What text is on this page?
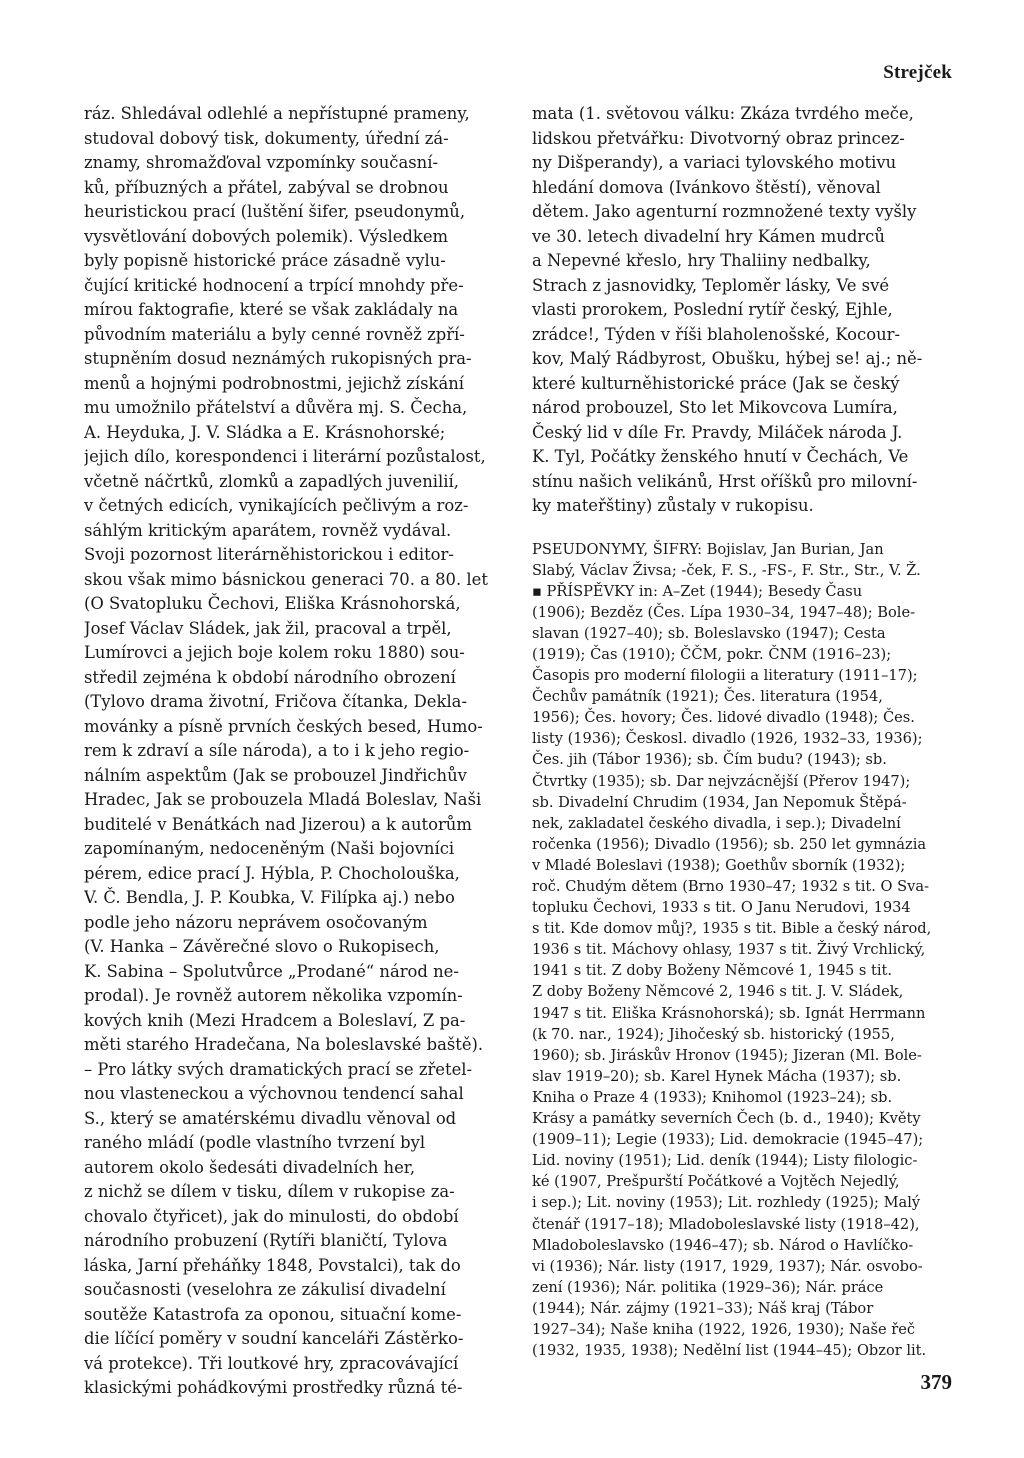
Strejček
ráz. Shledával odlehlé a nepřístupné prameny,
studoval dobový tisk, dokumenty, úřední zá-
znamy, shromažďoval vzpomínky současní-
ků, příbuzných a přátel, zabýval se drobnou
heuristickou prací (luštění šifer, pseudonymů,
vysvětlování dobových polemik). Výsledkem
byly popisně historické práce zásadně vylu-
čující kritické hodnocení a trpící mnohdy pře-
mírou faktografie, které se však zakládaly na
původním materiálu a byly cenné rovněž zpří-
stupněním dosud neznámých rukopisných pra-
menů a hojnými podrobnostmi, jejichž získání
mu umožnilo přátelství a důvěra mj. S. Čecha,
A. Heyduka, J. V. Sládka a E. Krásnohorské;
jejich dílo, korespondenci i literární pozůstalost,
včetně náčrtků, zlomků a zapadlých juvenilií,
v četných edicích, vynikajících pečlivým a roz-
sáhlým kritickým aparátem, rovněž vydával.
Svoji pozornost literárněhistorickou i editor-
skou však mimo básnickou generaci 70. a 80. let
(O Svatopluku Čechovi, Eliška Krásnohorská,
Josef Václav Sládek, jak žil, pracoval a trpěl,
Lumírovci a jejich boje kolem roku 1880) sou-
středil zejména k období národního obrození
(Tylovo drama životní, Fričova čítanka, Dekla-
movánky a písně prvních českých besed, Humo-
rem k zdraví a síle národa), a to i k jeho regio-
nálním aspektům (Jak se probouzel Jindřichův
Hradec, Jak se probouzela Mladá Boleslav, Naši
buditelé v Benátkách nad Jizerou) a k autorům
zapomínaným, nedoceněným (Naši bojovníci
pérem, edice prací J. Hýbla, P. Chocholouška,
V. Č. Bendla, J. P. Koubka, V. Filípka aj.) nebo
podle jeho názoru neprávem osočovaným
(V. Hanka – Závěrečné slovo o Rukopisech,
K. Sabina – Spolutvůrce „Prodané“ národ ne-
prodal). Je rovněž autorem několika vzpomín-
kových knih (Mezi Hradcem a Boleslaví, Z pa-
měti starého Hradečana, Na boleslavské baště).
– Pro látky svých dramatických prací se zřetel-
nou vlasteneckou a výchovnou tendencí sahal
S., který se amatérskému divadlu věnoval od
raného mládí (podle vlastního tvrzení byl
autorem okolo šedesáti divadelních her,
z nichž se dílem v tisku, dílem v rukopise za-
chovalo čtyřicet), jak do minulosti, do období
národního probuzení (Rytíři blaničtí, Tylova
láska, Jarní přeháňky 1848, Povstalci), tak do
současnosti (veselohra ze zákulisí divadelní
soutěže Katastrofa za oponou, situační kome-
die líčící poměry v soudní kanceláři Zástěrko-
vá protekce). Tři loutkové hry, zpracovávající
klasickými pohádkovými prostředky různá té-
mata (1. světovou válku: Zkáza tvrdého meče,
lidskou přetvářku: Divotvorný obraz princez-
ny Dišperandy), a variaci tylovského motivu
hledání domova (Ivánkovo štěstí), věnoval
dětem. Jako agenturní rozmnožené texty vyšly
ve 30. letech divadelní hry Kámen mudrců
a Nepevné křeslo, hry Thaliiny nedbalky,
Strach z jasnovidky, Teploměr lásky, Ve své
vlasti prorokem, Poslední rytíř český, Ejhle,
zrádce!, Týden v říši blaholenošské, Kocour-
kov, Malý Rádbyrost, Obušku, hýbej se! aj.; ně-
které kulturněhistorické práce (Jak se český
národ probouzel, Sto let Mikovcova Lumíra,
Český lid v díle Fr. Pravdy, Miláček národa J.
K. Tyl, Počátky ženského hnutí v Čechách, Ve
stínu našich velikánů, Hrst oříšků pro milovní-
ky mateřštiny) zůstaly v rukopisu.
PSEUDONYMY, ŠIFRY: Bojislav, Jan Burian, Jan
Slabý, Václav Živsa; -ček, F. S., -FS-, F. Str., Str., V. Ž.
▪ PŘÍSPĚVKY in: A–Zet (1944); Besedy Času
(1906); Bezděz (Čes. Lípa 1930–34, 1947–48); Bole-
slavan (1927–40); sb. Boleslavsko (1947); Cesta
(1919); Čas (1910); ČČM, pokr. ČNM (1916–23);
Časopis pro moderní filologii a literatury (1911–17);
Čechův památník (1921); Čes. literatura (1954,
1956); Čes. hovory; Čes. lidové divadlo (1948); Čes.
listy (1936); Českosl. divadlo (1926, 1932–33, 1936);
Čes. jih (Tábor 1936); sb. Čím budu? (1943); sb.
Čtvrtky (1935); sb. Dar nejvzácnější (Přerov 1947);
sb. Divadelní Chrudim (1934, Jan Nepomuk Štěpá-
nek, zakladatel českého divadla, i sep.); Divadelní
ročenka (1956); Divadlo (1956); sb. 250 let gymnázia
v Mladé Boleslavi (1938); Goethův sborník (1932);
roč. Chudým dětem (Brno 1930–47; 1932 s tit. O Sva-
topluku Čechovi, 1933 s tit. O Janu Nerudovi, 1934
s tit. Kde domov můj?, 1935 s tit. Bible a český národ,
1936 s tit. Máchovy ohlasy, 1937 s tit. Živý Vrchlický,
1941 s tit. Z doby Boženy Němcové 1, 1945 s tit.
Z doby Boženy Němcové 2, 1946 s tit. J. V. Sládek,
1947 s tit. Eliška Krásnohorská); sb. Ignát Herrmann
(k 70. nar., 1924); Jihočeský sb. historický (1955,
1960); sb. Jiráskův Hronov (1945); Jizeran (Ml. Bole-
slav 1919–20); sb. Karel Hynek Mácha (1937); sb.
Kniha o Praze 4 (1933); Knihomol (1923–24); sb.
Krásy a památky severních Čech (b. d., 1940); Květy
(1909–11); Legie (1933); Lid. demokracie (1945–47);
Lid. noviny (1951); Lid. deník (1944); Listy filologic-
ké (1907, Prešpurští Počátkové a Vojtěch Nejedlý,
i sep.); Lit. noviny (1953); Lit. rozhledy (1925); Malý
čtenář (1917–18); Mladoboleslavské listy (1918–42),
Mladoboleslavsko (1946–47); sb. Národ o Havlíčko-
vi (1936); Nár. listy (1917, 1929, 1937); Nár. osvobo-
zení (1936); Nár. politika (1929–36); Nár. práce
(1944); Nár. zájmy (1921–33); Náš kraj (Tábor
1927–34); Naše kniha (1922, 1926, 1930); Naše řeč
(1932, 1935, 1938); Nedělní list (1944–45); Obzor lit.
379
